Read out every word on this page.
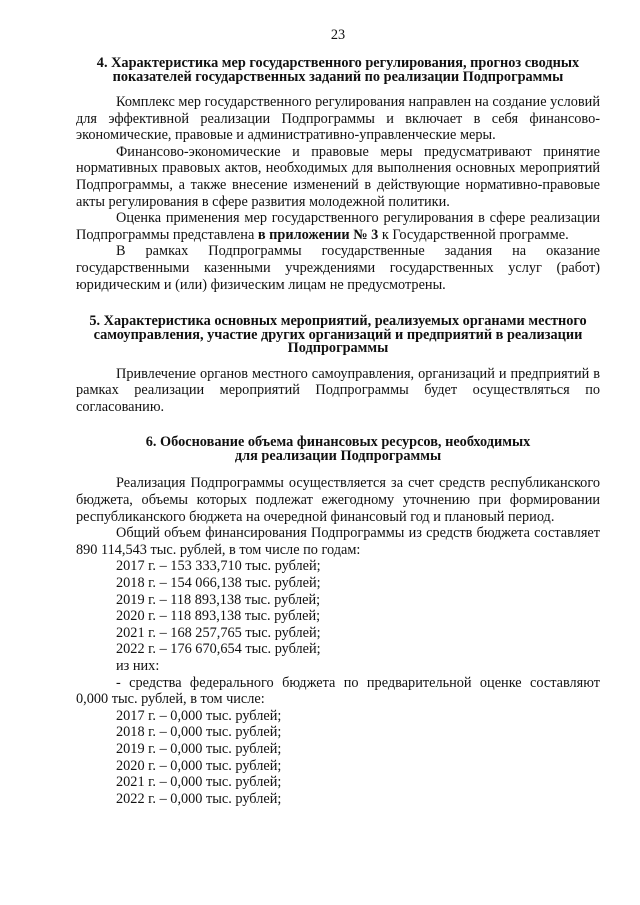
23
4. Характеристика мер государственного регулирования, прогноз сводных
показателей государственных заданий по реализации Подпрограммы

Комплекс мер государственного регулирования направлен на создание условий для эффективной реализации Подпрограммы и включает в себя финансово-экономические, правовые и административно-управленческие меры.

Финансово-экономические и правовые меры предусматривают принятие нормативных правовых актов, необходимых для выполнения основных мероприятий Подпрограммы, а также внесение изменений в действующие нормативно-правовые акты регулирования в сфере развития молодежной политики.

Оценка применения мер государственного регулирования в сфере реализации Подпрограммы представлена в приложении № 3 к Государственной программе.

В рамках Подпрограммы государственные задания на оказание государственными казенными учреждениями государственных услуг (работ) юридическим и (или) физическим лицам не предусмотрены.

5. Характеристика основных мероприятий, реализуемых органами местного
самоуправления, участие других организаций и предприятий в реализации
Подпрограммы

Привлечение органов местного самоуправления, организаций и предприятий в рамках реализации мероприятий Подпрограммы будет осуществляться по согласованию.

6. Обоснование объема финансовых ресурсов, необходимых
для реализации Подпрограммы

Реализация Подпрограммы осуществляется за счет средств республиканского бюджета, объемы которых подлежат ежегодному уточнению при формировании республиканского бюджета на очередной финансовый год и плановый период.

Общий объем финансирования Подпрограммы из средств бюджета составляет 890 114,543 тыс. рублей, в том числе по годам:

2017 г. – 153 333,710 тыс. рублей;
2018 г. – 154 066,138 тыс. рублей;
2019 г. – 118 893,138 тыс. рублей;
2020 г. – 118 893,138 тыс. рублей;
2021 г. – 168 257,765 тыс. рублей;
2022 г. – 176 670,654 тыс. рублей;
из них:

- средства федерального бюджета по предварительной оценке составляют 0,000 тыс. рублей, в том числе:

2017 г. – 0,000 тыс. рублей;
2018 г. – 0,000 тыс. рублей;
2019 г. – 0,000 тыс. рублей;
2020 г. – 0,000 тыс. рублей;
2021 г. – 0,000 тыс. рублей;
2022 г. – 0,000 тыс. рублей;
